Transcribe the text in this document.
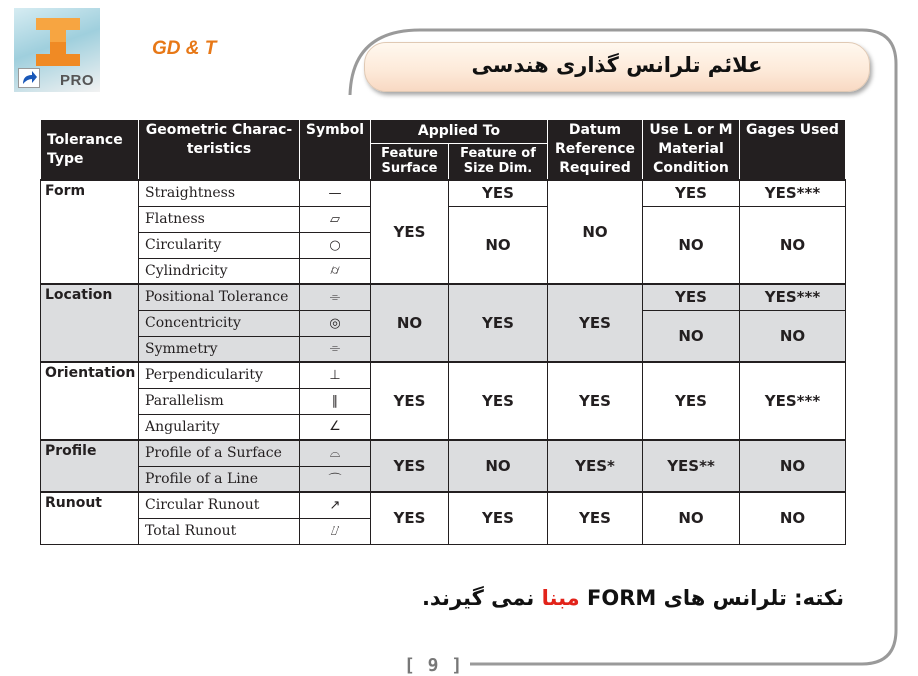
PRO
GD & T
علائم تلرانس گذاری هندسی
Tolerance Type	Geometric Charac- teristics	Symbol	Applied To		Datum Reference Required	Use L or M Material Condition	Gages Used
			Feature Surface	Feature of Size Dim.			
Form	Straightness	—	YES	YES	NO	YES	YES***
	Flatness	▱		NO		NO	NO
	Circularity	○					
	Cylindricity	⌭					
Location	Positional Tolerance	⌯	NO	YES	YES	YES	YES***
	Concentricity	◎				NO	NO
	Symmetry	⌯					
Orientation	Perpendicularity	⊥	YES	YES	YES	YES	YES***
	Parallelism	∥					
	Angularity	∠					
Profile	Profile of a Surface	⌓	YES	NO	YES*	YES**	NO
	Profile of a Line	⌒					
Runout	Circular Runout	↗	YES	YES	YES	NO	NO
	Total Runout	⌰					
نکته: تلرانس های FORM مبنا نمی گیرند.
[ 9 ]
